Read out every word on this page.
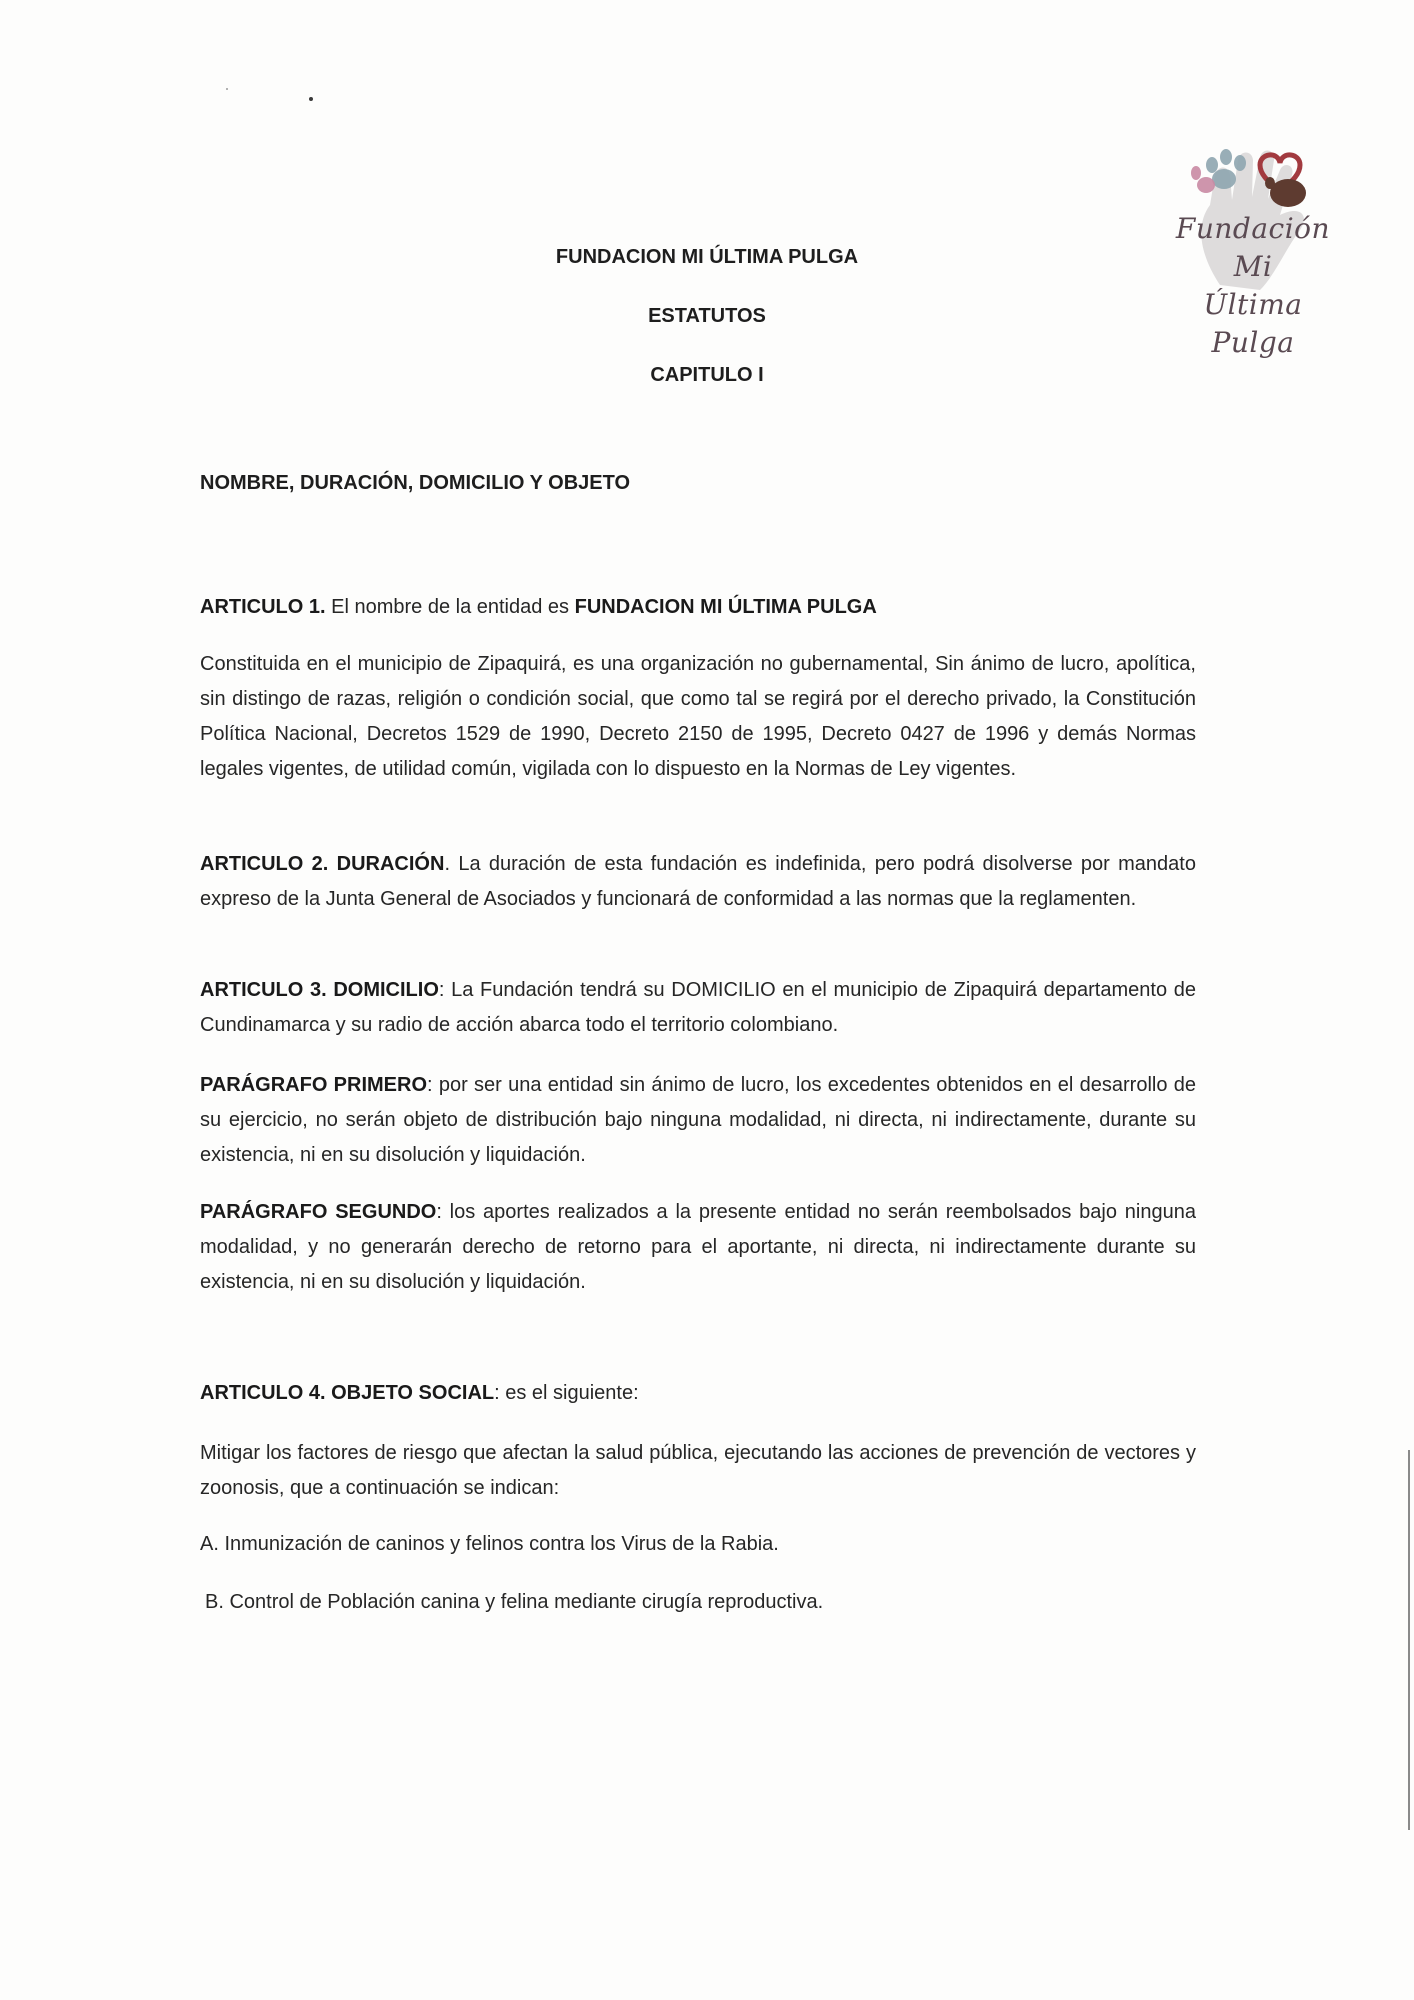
Fundación Mi
Última Pulga
FUNDACION MI ÚLTIMA PULGA
ESTATUTOS
CAPITULO I
NOMBRE, DURACIÓN, DOMICILIO Y OBJETO

ARTICULO 1. El nombre de la entidad es FUNDACION MI ÚLTIMA PULGA

Constituida en el municipio de Zipaquirá, es una organización no gubernamental, Sin ánimo de lucro, apolítica, sin distingo de razas, religión o condición social, que como tal se regirá por el derecho privado, la Constitución Política Nacional, Decretos 1529 de 1990, Decreto 2150 de 1995, Decreto 0427 de 1996 y demás Normas legales vigentes, de utilidad común, vigilada con lo dispuesto en la Normas de Ley vigentes.

ARTICULO 2. DURACIÓN. La duración de esta fundación es indefinida, pero podrá disolverse por mandato expreso de la Junta General de Asociados y funcionará de conformidad a las normas que la reglamenten.

ARTICULO 3. DOMICILIO: La Fundación tendrá su DOMICILIO en el municipio de Zipaquirá departamento de Cundinamarca y su radio de acción abarca todo el territorio colombiano.

PARÁGRAFO PRIMERO: por ser una entidad sin ánimo de lucro, los excedentes obtenidos en el desarrollo de su ejercicio, no serán objeto de distribución bajo ninguna modalidad, ni directa, ni indirectamente, durante su existencia, ni en su disolución y liquidación.

PARÁGRAFO SEGUNDO: los aportes realizados a la presente entidad no serán reembolsados bajo ninguna modalidad, y no generarán derecho de retorno para el aportante, ni directa, ni indirectamente durante su existencia, ni en su disolución y liquidación.

ARTICULO 4. OBJETO SOCIAL: es el siguiente:

Mitigar los factores de riesgo que afectan la salud pública, ejecutando las acciones de prevención de vectores y zoonosis, que a continuación se indican:

A. Inmunización de caninos y felinos contra los Virus de la Rabia.

B. Control de Población canina y felina mediante cirugía reproductiva.
